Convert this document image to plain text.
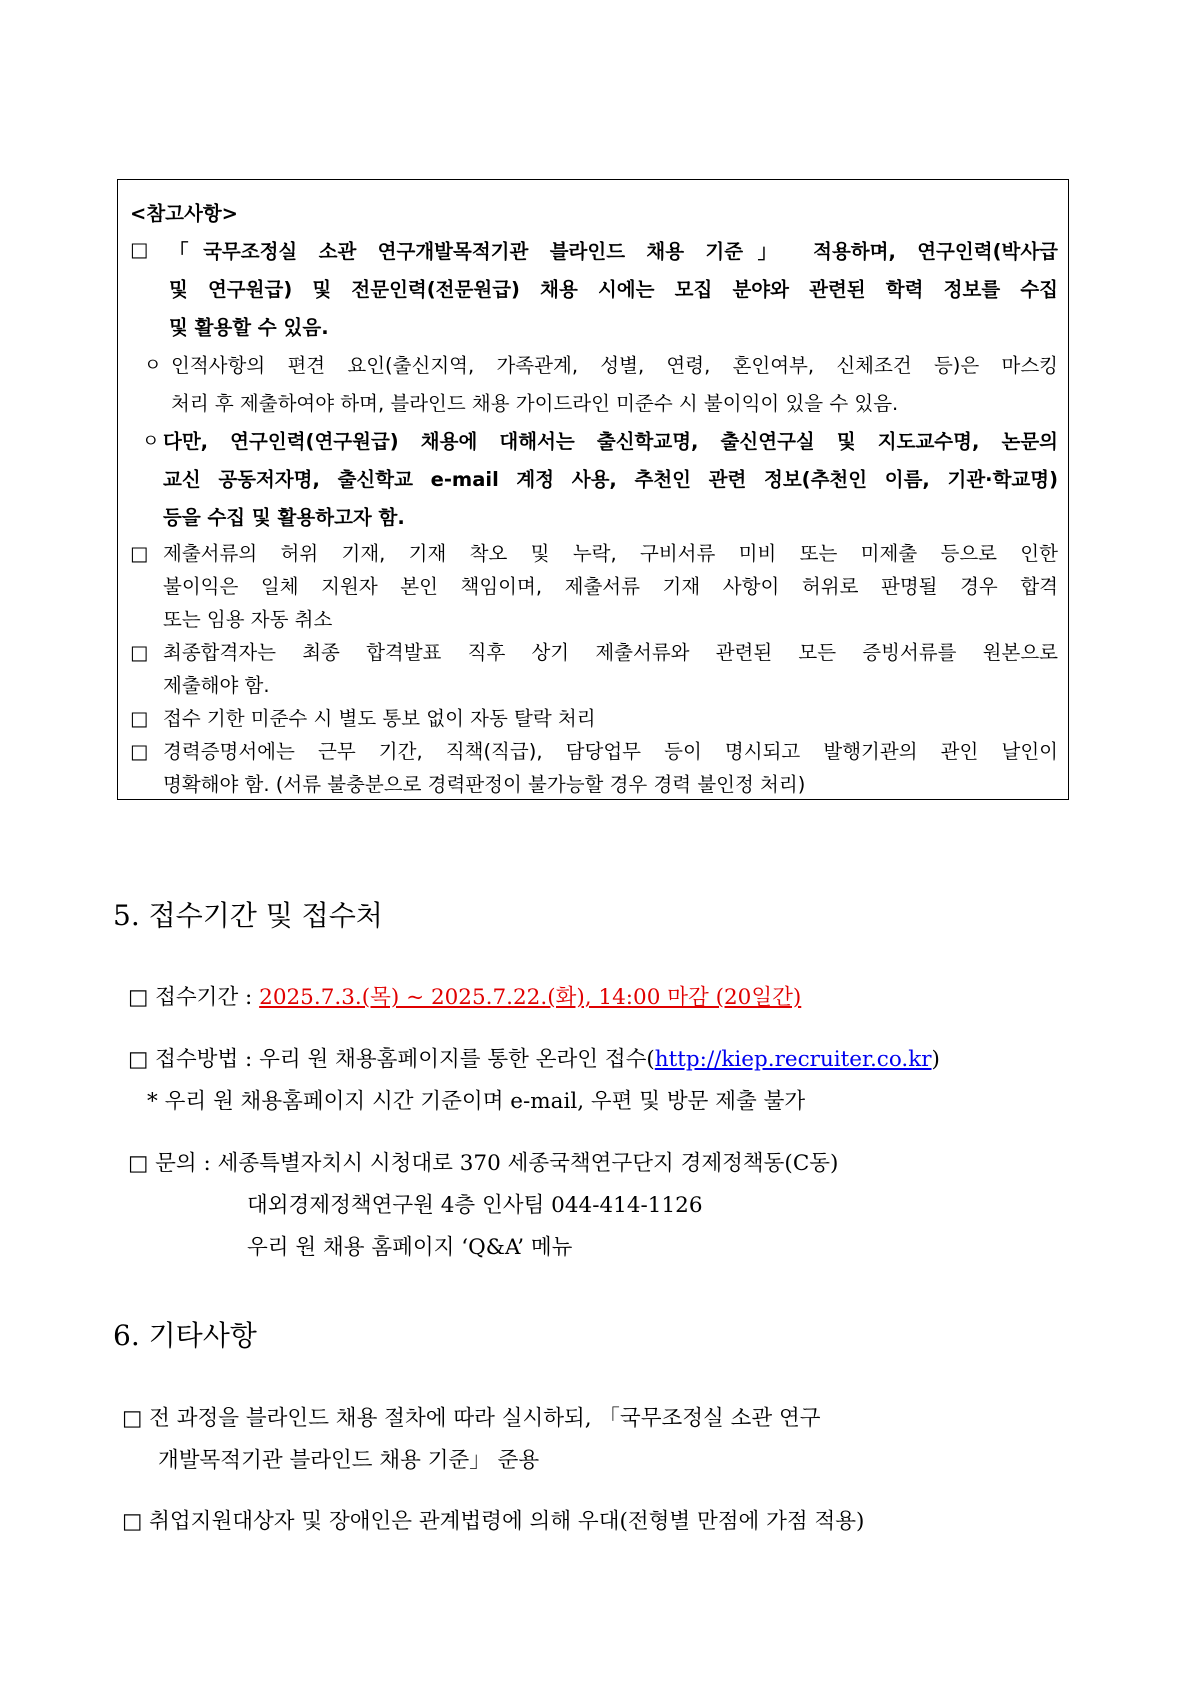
<참고사항>
□ 「국무조정실 소관 연구개발목적기관 블라인드 채용 기준」 적용하며, 연구인력(박사급
및 연구원급) 및 전문인력(전문원급) 채용 시에는 모집 분야와 관련된 학력 정보를 수집
및 활용할 수 있음.
ㅇ 인적사항의 편견 요인(출신지역, 가족관계, 성별, 연령, 혼인여부, 신체조건 등)은 마스킹
처리 후 제출하여야 하며, 블라인드 채용 가이드라인 미준수 시 불이익이 있을 수 있음.
ㅇ 다만, 연구인력(연구원급) 채용에 대해서는 출신학교명, 출신연구실 및 지도교수명, 논문의
교신 공동저자명, 출신학교 e-mail 계정 사용, 추천인 관련 정보(추천인 이름, 기관·학교명)
등을 수집 및 활용하고자 함.
□ 제출서류의 허위 기재, 기재 착오 및 누락, 구비서류 미비 또는 미제출 등으로 인한
불이익은 일체 지원자 본인 책임이며, 제출서류 기재 사항이 허위로 판명될 경우 합격
또는 임용 자동 취소
□ 최종합격자는 최종 합격발표 직후 상기 제출서류와 관련된 모든 증빙서류를 원본으로
제출해야 함.
□ 접수 기한 미준수 시 별도 통보 없이 자동 탈락 처리
□ 경력증명서에는 근무 기간, 직책(직급), 담당업무 등이 명시되고 발행기관의 관인 날인이
명확해야 함. (서류 불충분으로 경력판정이 불가능할 경우 경력 불인정 처리)
5. 접수기간 및 접수처
□ 접수기간 : 2025.7.3.(목) ~ 2025.7.22.(화), 14:00 마감 (20일간)
□ 접수방법 : 우리 원 채용홈페이지를 통한 온라인 접수(http://kiep.recruiter.co.kr)
* 우리 원 채용홈페이지 시간 기준이며 e-mail, 우편 및 방문 제출 불가
□ 문의 : 세종특별자치시 시청대로 370 세종국책연구단지 경제정책동(C동)
대외경제정책연구원 4층 인사팀 044-414-1126
우리 원 채용 홈페이지 ‘Q&A’ 메뉴
6. 기타사항
□ 전 과정을 블라인드 채용 절차에 따라 실시하되, 「국무조정실 소관 연구
개발목적기관 블라인드 채용 기준」 준용
□ 취업지원대상자 및 장애인은 관계법령에 의해 우대(전형별 만점에 가점 적용)
